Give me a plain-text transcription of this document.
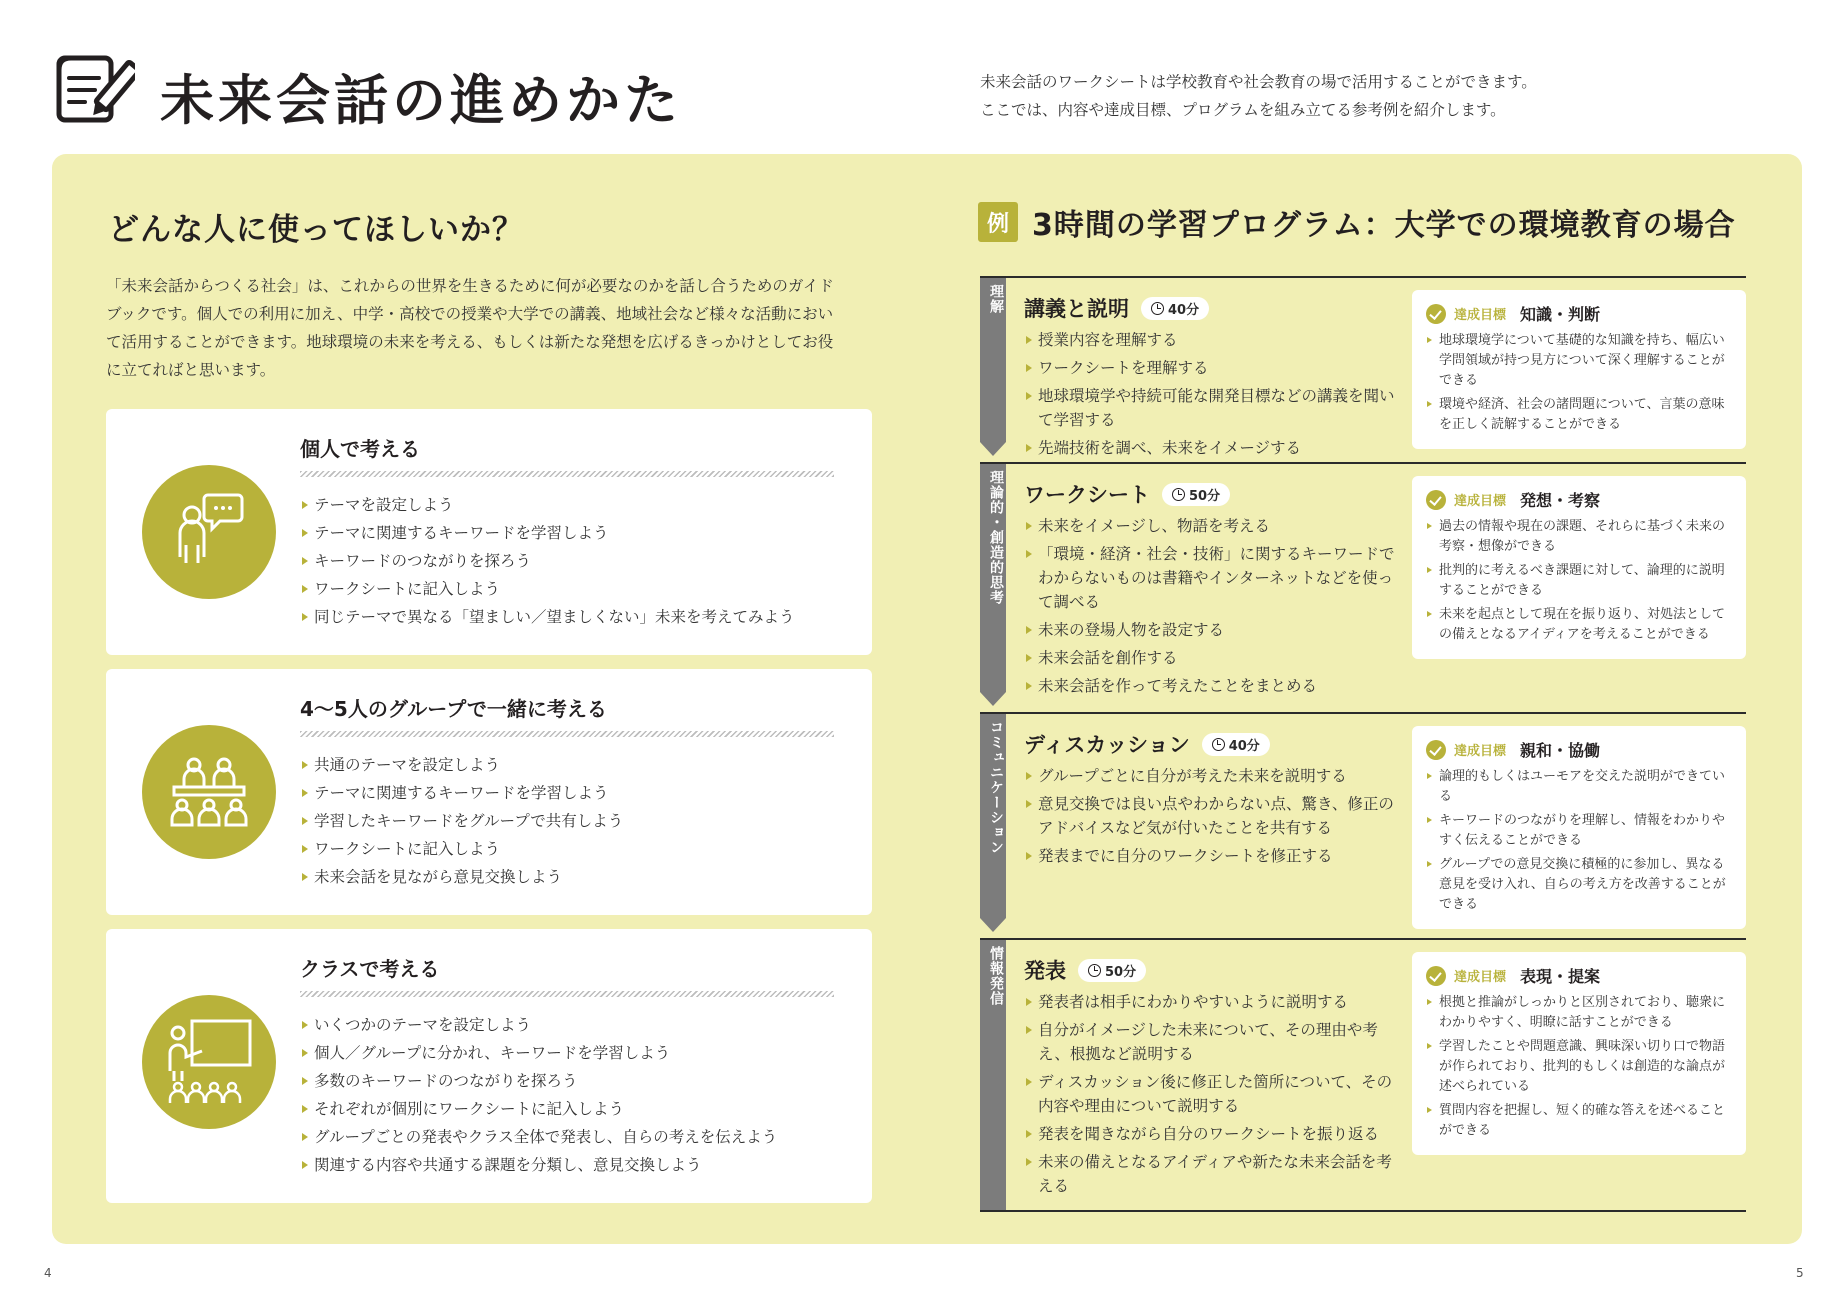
未来会話の進めかた	未来会話のワークシートは学校教育や社会教育の場で活用することができます。
ここでは、内容や達成目標、プログラムを組み立てる参考例を紹介します。
どんな人に使ってほしいか？
「未来会話からつくる社会」は、これからの世界を生きるために何が必要なのかを話し合うためのガイド
ブックです。個人での利用に加え、中学・高校での授業や大学での講義、地域社会など様々な活動におい
て活用することができます。地球環境の未来を考える、もしくは新たな発想を広げるきっかけとしてお役
に立てればと思います。
個人で考える
テーマを設定しよう
テーマに関連するキーワードを学習しよう
キーワードのつながりを探ろう
ワークシートに記入しよう
同じテーマで異なる「望ましい／望ましくない」未来を考えてみよう
4～5人のグループで一緒に考える
共通のテーマを設定しよう
テーマに関連するキーワードを学習しよう
学習したキーワードをグループで共有しよう
ワークシートに記入しよう
未来会話を見ながら意見交換しよう
クラスで考える
いくつかのテーマを設定しよう
個人／グループに分かれ、キーワードを学習しよう
多数のキーワードのつながりを探ろう
それぞれが個別にワークシートに記入しよう
グループごとの発表やクラス全体で発表し、自らの考えを伝えよう
関連する内容や共通する課題を分類し、意見交換しよう
例 3時間の学習プログラム：大学での環境教育の場合
理解
理論的・創造的思考
コミュニケーション
情報発信
講義と説明	40分
授業内容を理解する
ワークシートを理解する
地球環境学や持続可能な開発目標などの講義を聞いて学習する
先端技術を調べ、未来をイメージする
達成目標 知識・判断
地球環境学について基礎的な知識を持ち、幅広い学問領域が持つ見方について深く理解することができる
環境や経済、社会の諸問題について、言葉の意味を正しく読解することができる
ワークシート	50分
未来をイメージし、物語を考える
「環境・経済・社会・技術」に関するキーワードでわからないものは書籍やインターネットなどを使って調べる
未来の登場人物を設定する
未来会話を創作する
未来会話を作って考えたことをまとめる
達成目標 発想・考察
過去の情報や現在の課題、それらに基づく未来の考察・想像ができる
批判的に考えるべき課題に対して、論理的に説明することができる
未来を起点として現在を振り返り、対処法としての備えとなるアイディアを考えることができる
ディスカッション	40分
グループごとに自分が考えた未来を説明する
意見交換では良い点やわからない点、驚き、修正のアドバイスなど気が付いたことを共有する
発表までに自分のワークシートを修正する
達成目標 親和・協働
論理的もしくはユーモアを交えた説明ができている
キーワードのつながりを理解し、情報をわかりやすく伝えることができる
グループでの意見交換に積極的に参加し、異なる意見を受け入れ、自らの考え方を改善することができる
発表	50分
発表者は相手にわかりやすいように説明する
自分がイメージした未来について、その理由や考え、根拠など説明する
ディスカッション後に修正した箇所について、その内容や理由について説明する
発表を聞きながら自分のワークシートを振り返る
未来の備えとなるアイディアや新たな未来会話を考える
達成目標 表現・提案
根拠と推論がしっかりと区別されており、聴衆にわかりやすく、明瞭に話すことができる
学習したことや問題意識、興味深い切り口で物語が作られており、批判的もしくは創造的な論点が述べられている
質問内容を把握し、短く的確な答えを述べることができる
4	5
